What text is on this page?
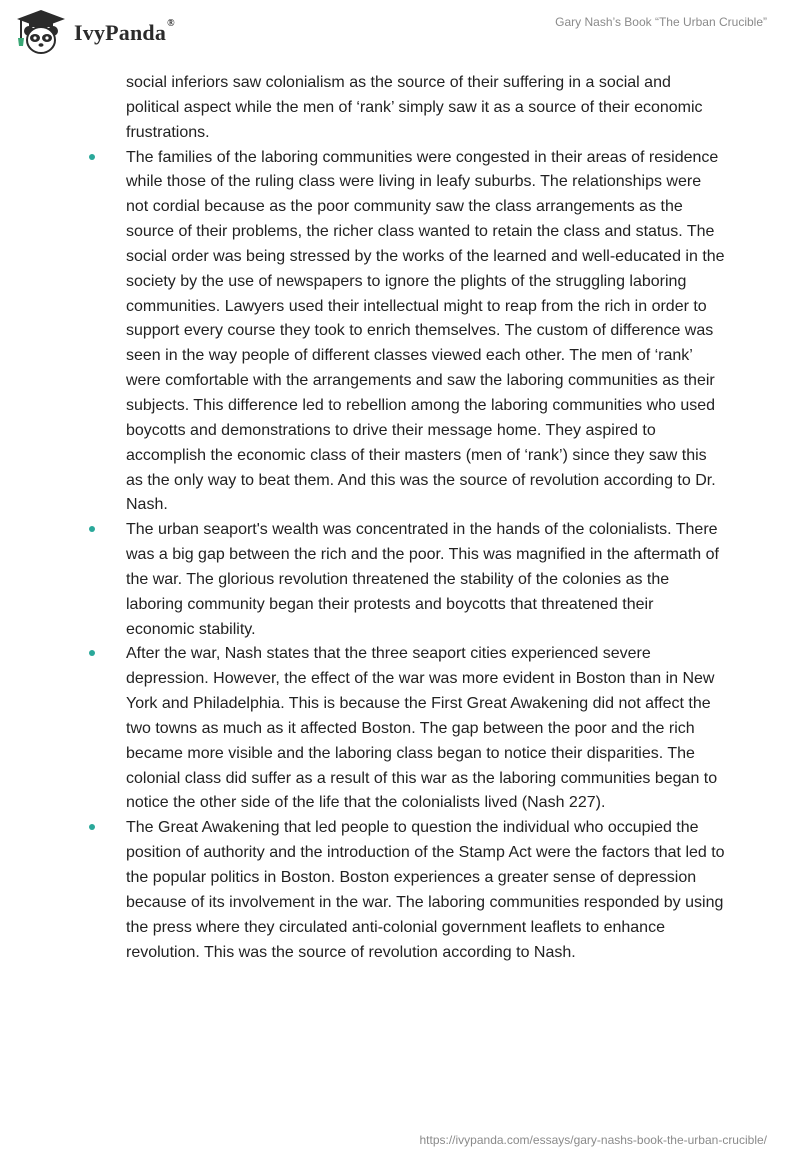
IvyPanda®	Gary Nash’s Book “The Urban Crucible”

social inferiors saw colonialism as the source of their suffering in a social and political aspect while the men of ‘rank’ simply saw it as a source of their economic frustrations.

The families of the laboring communities were congested in their areas of residence while those of the ruling class were living in leafy suburbs. The relationships were not cordial because as the poor community saw the class arrangements as the source of their problems, the richer class wanted to retain the class and status. The social order was being stressed by the works of the learned and well-educated in the society by the use of newspapers to ignore the plights of the struggling laboring communities. Lawyers used their intellectual might to reap from the rich in order to support every course they took to enrich themselves. The custom of difference was seen in the way people of different classes viewed each other. The men of ‘rank’ were comfortable with the arrangements and saw the laboring communities as their subjects. This difference led to rebellion among the laboring communities who used boycotts and demonstrations to drive their message home. They aspired to accomplish the economic class of their masters (men of ‘rank’) since they saw this as the only way to beat them. And this was the source of revolution according to Dr. Nash.
The urban seaport's wealth was concentrated in the hands of the colonialists. There was a big gap between the rich and the poor. This was magnified in the aftermath of the war. The glorious revolution threatened the stability of the colonies as the laboring community began their protests and boycotts that threatened their economic stability.
After the war, Nash states that the three seaport cities experienced severe depression. However, the effect of the war was more evident in Boston than in New York and Philadelphia. This is because the First Great Awakening did not affect the two towns as much as it affected Boston. The gap between the poor and the rich became more visible and the laboring class began to notice their disparities. The colonial class did suffer as a result of this war as the laboring communities began to notice the other side of the life that the colonialists lived (Nash 227).
The Great Awakening that led people to question the individual who occupied the position of authority and the introduction of the Stamp Act were the factors that led to the popular politics in Boston. Boston experiences a greater sense of depression because of its involvement in the war. The laboring communities responded by using the press where they circulated anti-colonial government leaflets to enhance revolution. This was the source of revolution according to Nash.
https://ivypanda.com/essays/gary-nashs-book-the-urban-crucible/
